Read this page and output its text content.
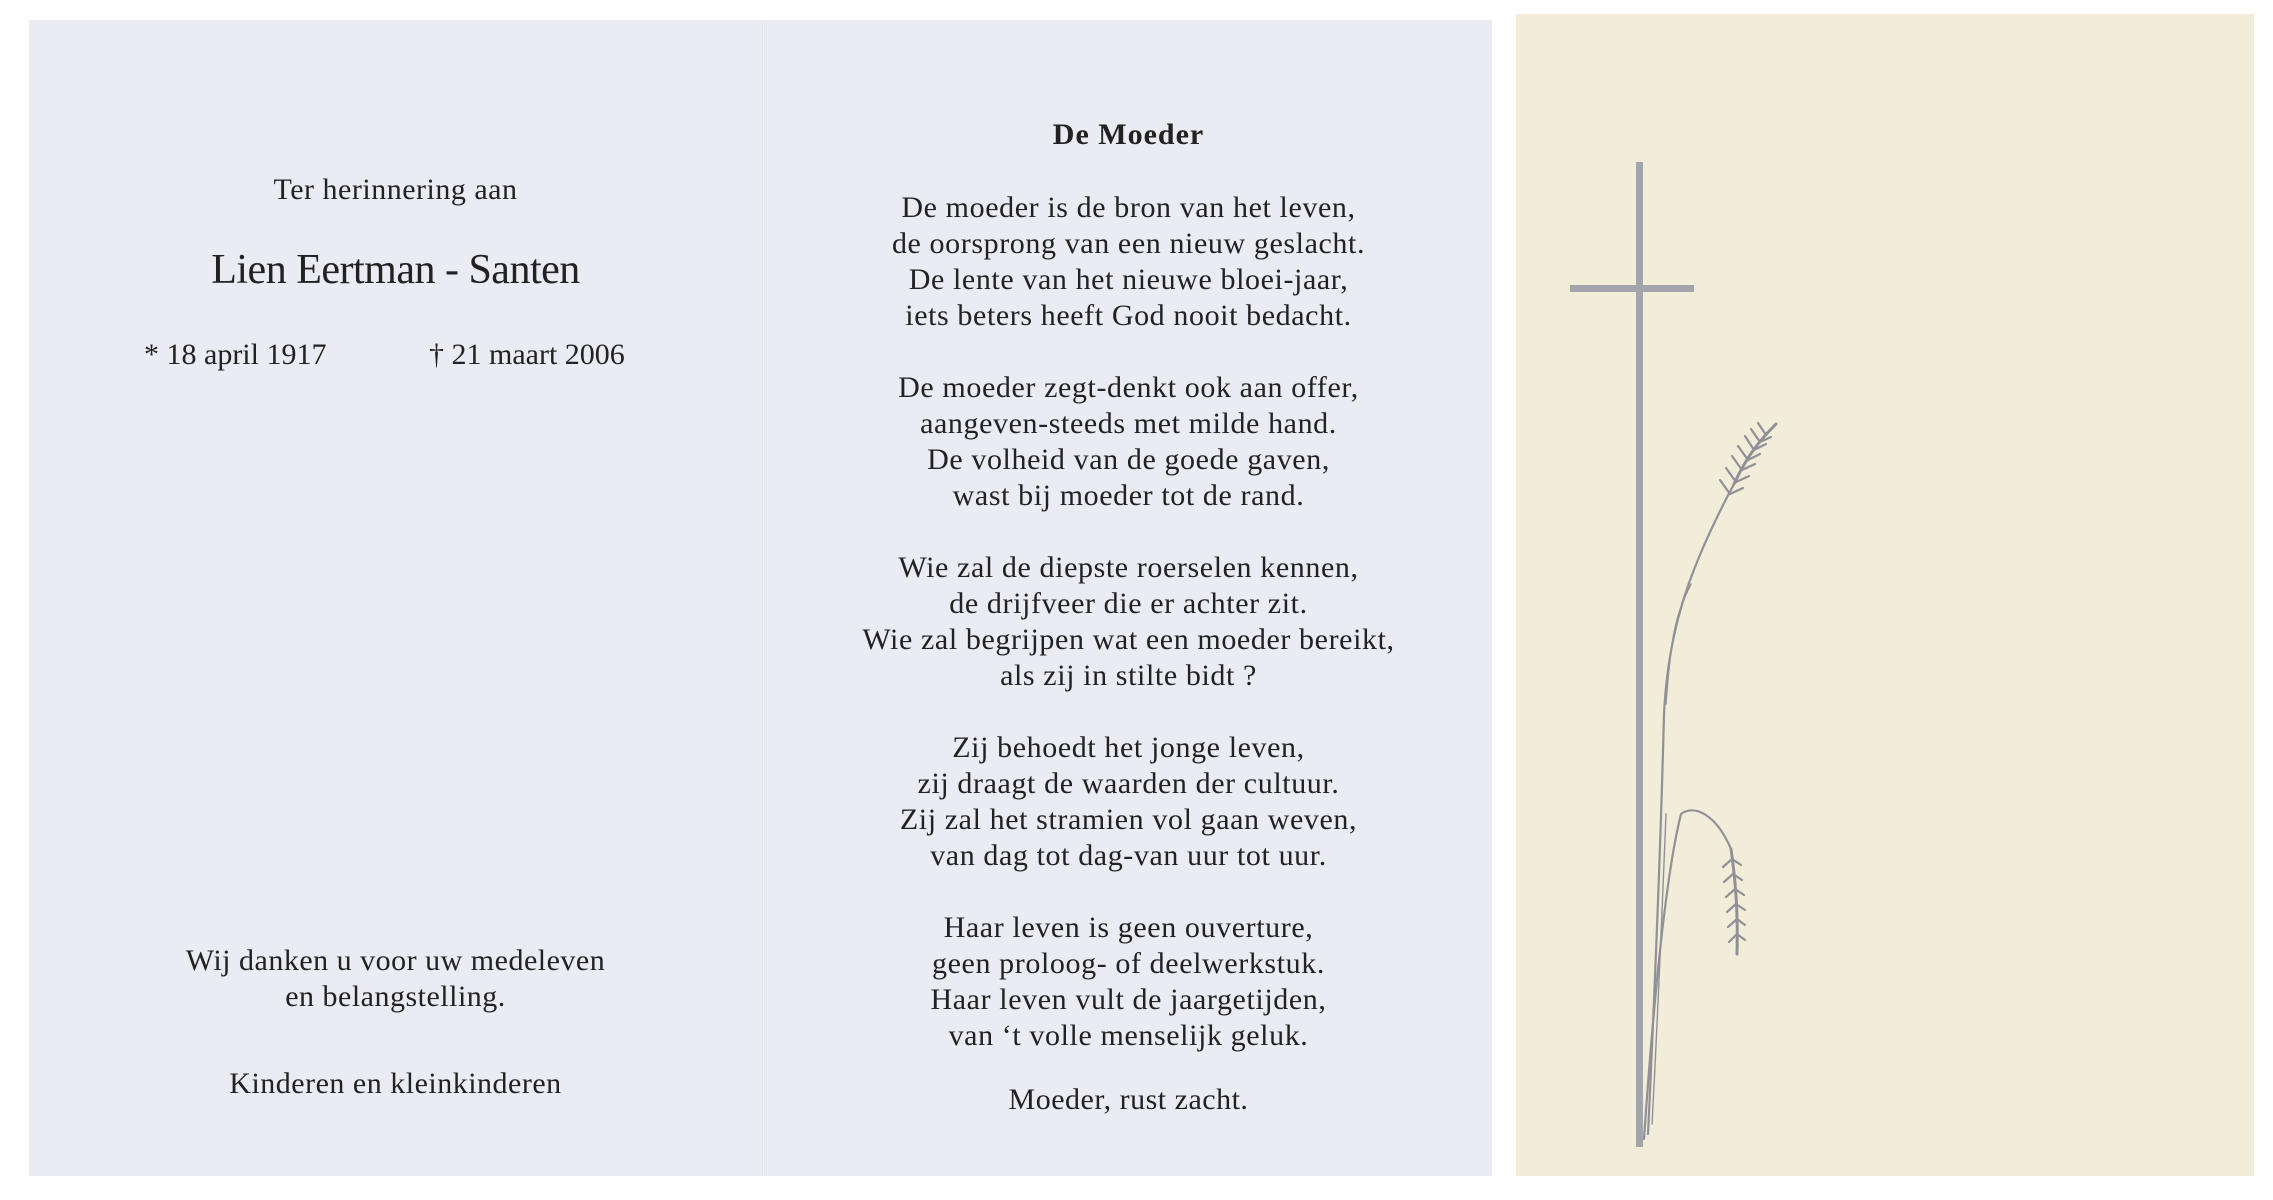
Ter herinnering aan
Lien Eertman - Santen
* 18 april 1917	† 21 maart 2006
Wij danken u voor uw medeleven
en belangstelling.
Kinderen en kleinkinderen
De Moeder
De moeder is de bron van het leven,
de oorsprong van een nieuw geslacht.
De lente van het nieuwe bloei-jaar,
iets beters heeft God nooit bedacht.
De moeder zegt-denkt ook aan offer,
aangeven-steeds met milde hand.
De volheid van de goede gaven,
wast bij moeder tot de rand.
Wie zal de diepste roerselen kennen,
de drijfveer die er achter zit.
Wie zal begrijpen wat een moeder bereikt,
als zij in stilte bidt ?
Zij behoedt het jonge leven,
zij draagt de waarden der cultuur.
Zij zal het stramien vol gaan weven,
van dag tot dag-van uur tot uur.
Haar leven is geen ouverture,
geen proloog- of deelwerkstuk.
Haar leven vult de jaargetijden,
van ‘t volle menselijk geluk.
Moeder, rust zacht.
